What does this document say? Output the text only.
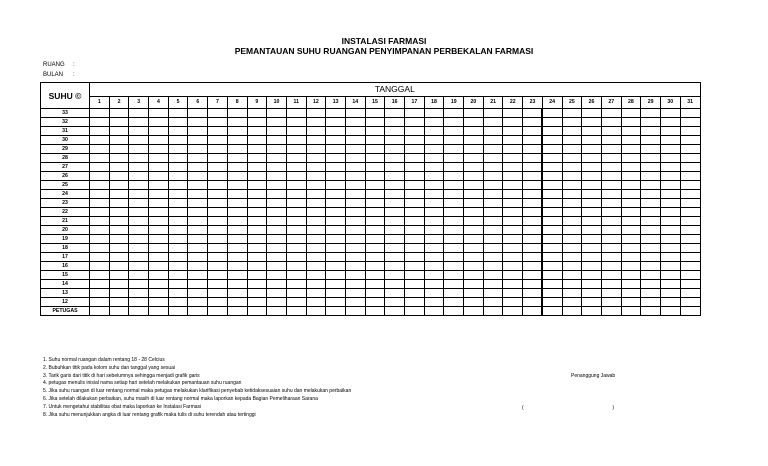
INSTALASI FARMASI
PEMANTAUAN SUHU RUANGAN PENYIMPANAN PERBEKALAN FARMASI
RUANG :
BULAN :
SUHU ©	TANGGAL																														
	1	2	3	4	5	6	7	8	9	10	11	12	13	14	15	16	17	18	19	20	21	22	23	24	25	26	27	28	29	30	31
33																															
32																															
31																															
30																															
29																															
28																															
27																															
26																															
25																															
24																															
23																															
22																															
21																															
20																															
19																															
18																															
17																															
16																															
15																															
14																															
13																															
12																															
PETUGAS																															
1. Suhu normal ruangan dalam rentang 18 - 28 Celcius
2. Bubuhkan titik pada kolom suhu dan tanggal yang sesuai
3. Tarik garis dari titik di hari sebelumnya sehingga menjadi grafik garis
4. petugas menulis inisial nama setiap hari setelah melakukan pemantauan suhu ruangan
5. Jika suhu ruangan di luar rentang normal maka petugas melakukan klarifikasi penyebab ketidaksesuaian suhu dan melakukan perbaikan
6. Jika setelah dilakukan perbaikan, suhu masih di luar rentang normal maka laporkan kepada Bagian Pemeliharaan Sarana
7. Untuk mengetahui stabilitas obat maka laporkan ke Instalasi Farmasi
8. Jika suhu menunjukkan angka di luar rentang grafik maka tulis di suhu terendah atau tertinggi
Penanggung Jawab
(	)
